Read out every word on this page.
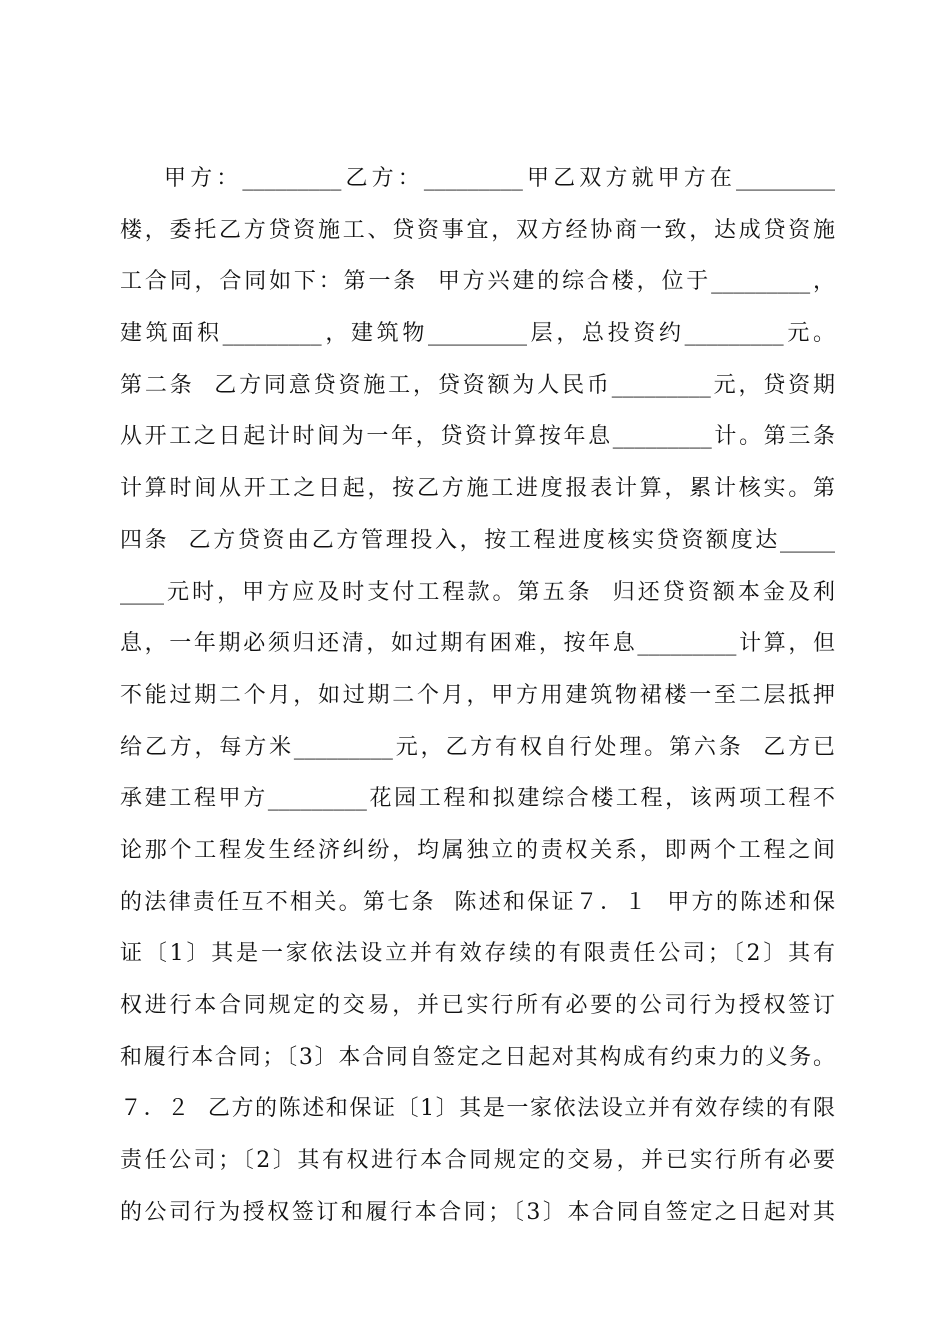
甲方：_________乙方：_________甲乙双方就甲方在_________
楼，委托乙方贷资施工、贷资事宜，双方经协商一致，达成贷资施
工合同，合同如下：第一条  甲方兴建的综合楼，位于_________，
建筑面积_________，建筑物_________层，总投资约_________元。
第二条  乙方同意贷资施工，贷资额为人民币_________元，贷资期
从开工之日起计时间为一年，贷资计算按年息_________计。第三条
计算时间从开工之日起，按乙方施工进度报表计算，累计核实。第
四条  乙方贷资由乙方管理投入，按工程进度核实贷资额度达_____
____元时，甲方应及时支付工程款。第五条  归还贷资额本金及利
息，一年期必须归还清，如过期有困难，按年息_________计算，但
不能过期二个月，如过期二个月，甲方用建筑物裙楼一至二层抵押
给乙方，每方米_________元，乙方有权自行处理。第六条  乙方已
承建工程甲方_________花园工程和拟建综合楼工程，该两项工程不
论那个工程发生经济纠纷，均属独立的责权关系，即两个工程之间
的法律责任互不相关。第七条  陈述和保证７．１  甲方的陈述和保
证〔1〕其是一家依法设立并有效存续的有限责任公司；〔2〕其有
权进行本合同规定的交易，并已实行所有必要的公司行为授权签订
和履行本合同；〔3〕本合同自签定之日起对其构成有约束力的义务。
７．２  乙方的陈述和保证〔1〕其是一家依法设立并有效存续的有限
责任公司；〔2〕其有权进行本合同规定的交易，并已实行所有必要
的公司行为授权签订和履行本合同；〔3〕本合同自签定之日起对其
